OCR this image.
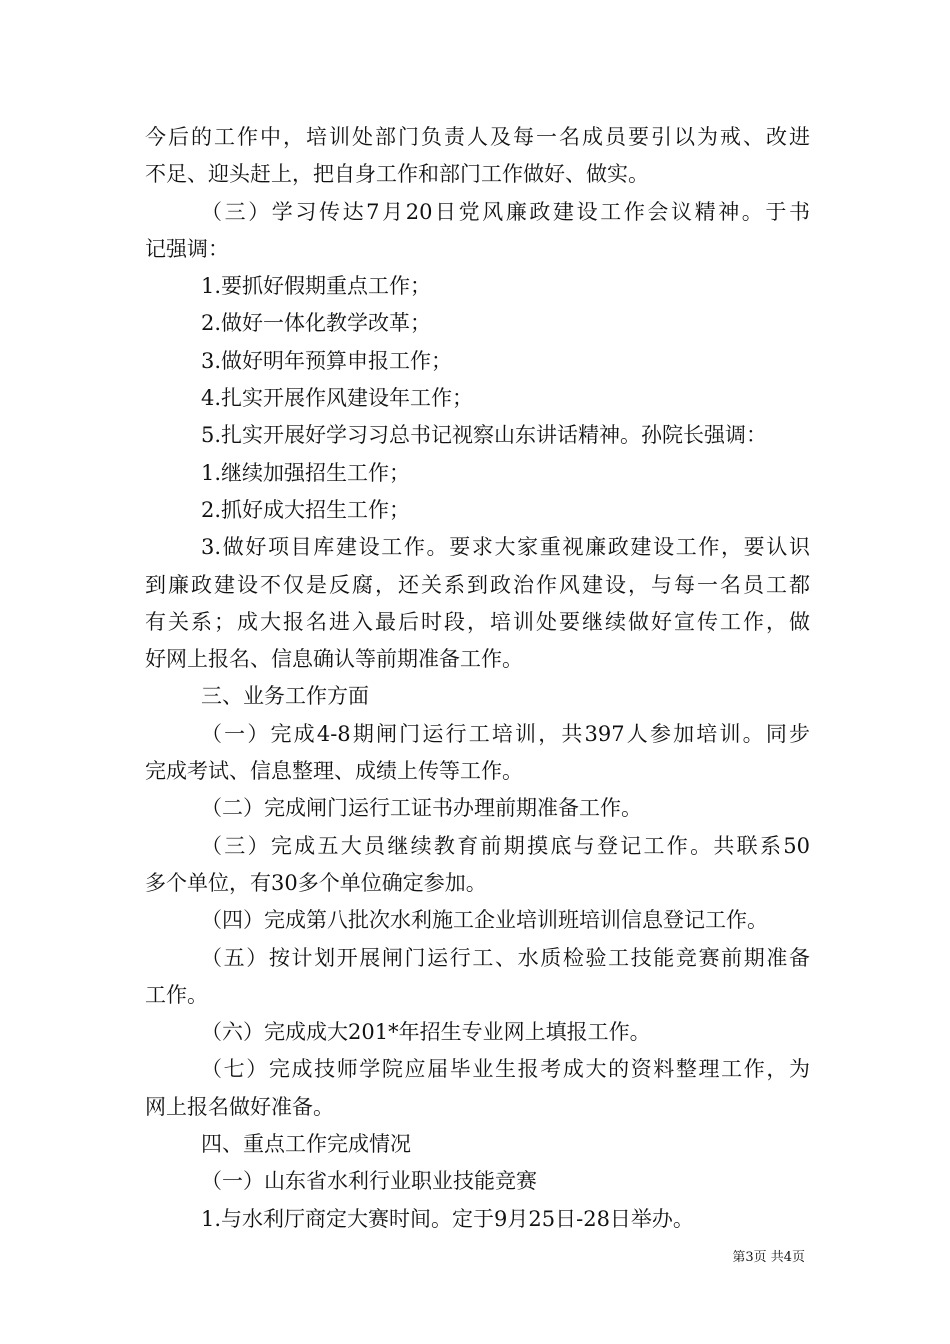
今后的工作中，培训处部门负责人及每一名成员要引以为戒、改进
不足、迎头赶上，把自身工作和部门工作做好、做实。
（三）学习传达7月20日党风廉政建设工作会议精神。于书
记强调：
1.要抓好假期重点工作；
2.做好一体化教学改革；
3.做好明年预算申报工作；
4.扎实开展作风建设年工作；
5.扎实开展好学习习总书记视察山东讲话精神。孙院长强调：
1.继续加强招生工作；
2.抓好成大招生工作；
3.做好项目库建设工作。要求大家重视廉政建设工作，要认识
到廉政建设不仅是反腐，还关系到政治作风建设，与每一名员工都
有关系；成大报名进入最后时段，培训处要继续做好宣传工作，做
好网上报名、信息确认等前期准备工作。
三、业务工作方面
（一）完成4-8期闸门运行工培训，共397人参加培训。同步
完成考试、信息整理、成绩上传等工作。
（二）完成闸门运行工证书办理前期准备工作。
（三）完成五大员继续教育前期摸底与登记工作。共联系50
多个单位，有30多个单位确定参加。
（四）完成第八批次水利施工企业培训班培训信息登记工作。
（五）按计划开展闸门运行工、水质检验工技能竞赛前期准备
工作。
（六）完成成大201*年招生专业网上填报工作。
（七）完成技师学院应届毕业生报考成大的资料整理工作，为
网上报名做好准备。
四、重点工作完成情况
（一）山东省水利行业职业技能竞赛
1.与水利厅商定大赛时间。定于9月25日-28日举办。
第3页 共4页
